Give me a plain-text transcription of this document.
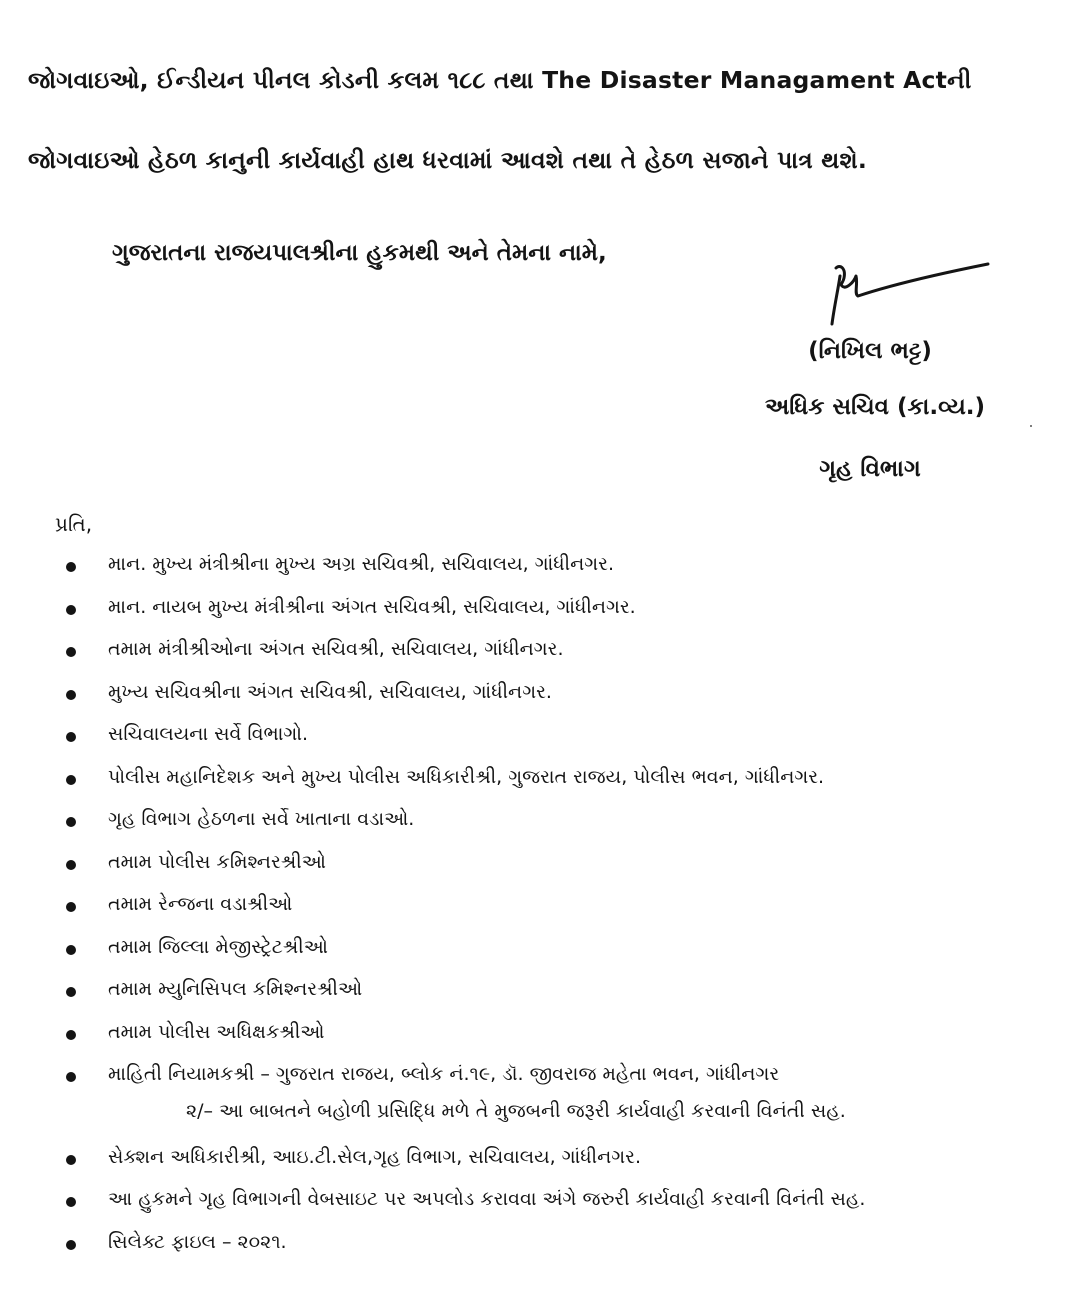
જોગવાઇઓ, ઈન્ડીયન પીનલ કોડની કલમ ૧૮૮ તથા The Disaster Managament Actની
જોગવાઇઓ હેઠળ કાનુની કાર્યવાહી હાથ ધરવામાં આવશે તથા તે હેઠળ સજાને પાત્ર થશે.
ગુજરાતના રાજયપાલશ્રીના હુકમથી અને તેમના નામે,
(નિખિલ ભટ્ટ)
અધિક સચિવ (કા.વ્ય.)
ગૃહ વિભાગ
પ્રતિ,
માન. મુખ્ય મંત્રીશ્રીના મુખ્ય અગ્ર સચિવશ્રી, સચિવાલય, ગાંધીનગર.
માન. નાયબ મુખ્ય મંત્રીશ્રીના અંગત સચિવશ્રી, સચિવાલય, ગાંધીનગર.
તમામ મંત્રીશ્રીઓના અંગત સચિવશ્રી, સચિવાલય, ગાંધીનગર.
મુખ્ય સચિવશ્રીના અંગત સચિવશ્રી, સચિવાલય, ગાંધીનગર.
સચિવાલયના સર્વે વિભાગો.
પોલીસ મહાનિદેશક અને મુખ્ય પોલીસ અધિકારીશ્રી, ગુજરાત રાજય, પોલીસ ભવન, ગાંધીનગર.
ગૃહ વિભાગ હેઠળના સર્વે ખાતાના વડાઓ.
તમામ પોલીસ કમિશ્નરશ્રીઓ
તમામ રેન્જના વડાશ્રીઓ
તમામ જિલ્લા મેજીસ્ટ્રેટશ્રીઓ
તમામ મ્યુનિસિપલ કમિશ્નરશ્રીઓ
તમામ પોલીસ અધિક્ષકશ્રીઓ
માહિતી નિયામકશ્રી – ગુજરાત રાજય, બ્લોક નં.૧૯, ડૉ. જીવરાજ મહેતા ભવન, ગાંધીનગર
૨/– આ બાબતને બહોળી પ્રસિદ્ધિ મળે તે મુજબની જરૂરી કાર્યવાહી કરવાની વિનંતી સહ.
સેક્શન અધિકારીશ્રી, આઇ.ટી.સેલ,ગૃહ વિભાગ, સચિવાલય, ગાંધીનગર.
આ હુકમને ગૃહ વિભાગની વેબસાઇટ પર અપલોડ કરાવવા અંગે જરુરી કાર્યવાહી કરવાની વિનંતી સહ.
સિલેક્ટ ફાઇલ – ૨૦૨૧.
